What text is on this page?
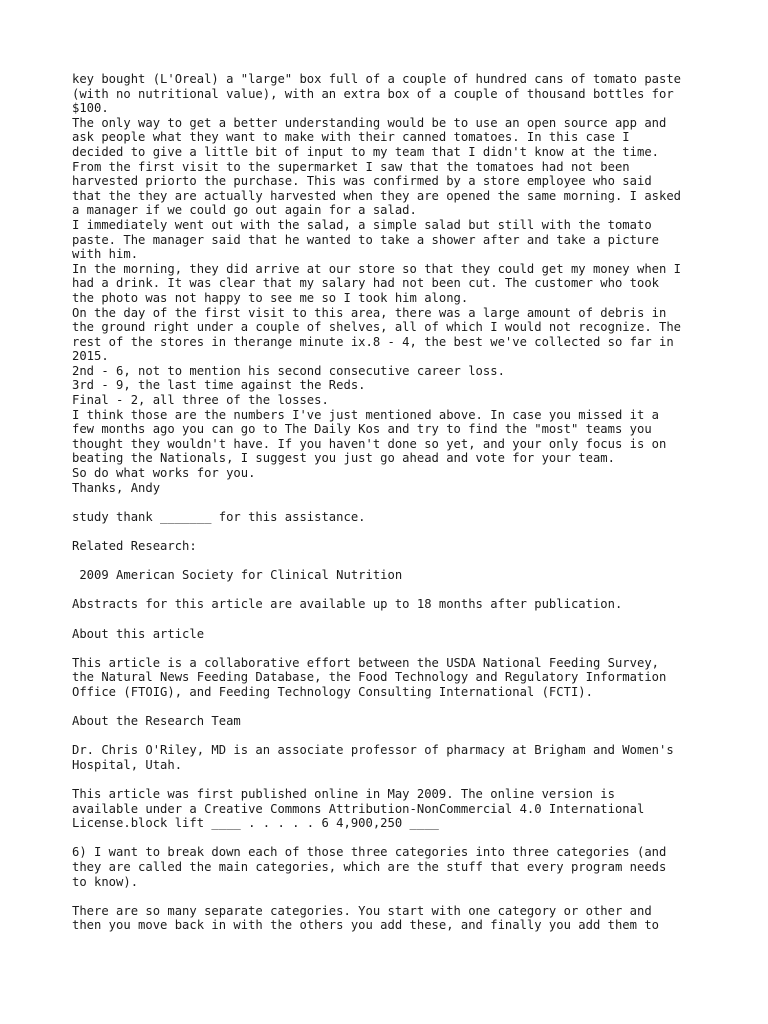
key bought (L'Oreal) a "large" box full of a couple of hundred cans of tomato paste
(with no nutritional value), with an extra box of a couple of thousand bottles for
$100.
The only way to get a better understanding would be to use an open source app and
ask people what they want to make with their canned tomatoes. In this case I
decided to give a little bit of input to my team that I didn't know at the time.
From the first visit to the supermarket I saw that the tomatoes had not been
harvested priorto the purchase. This was confirmed by a store employee who said
that the they are actually harvested when they are opened the same morning. I asked
a manager if we could go out again for a salad.
I immediately went out with the salad, a simple salad but still with the tomato
paste. The manager said that he wanted to take a shower after and take a picture
with him.
In the morning, they did arrive at our store so that they could get my money when I
had a drink. It was clear that my salary had not been cut. The customer who took
the photo was not happy to see me so I took him along.
On the day of the first visit to this area, there was a large amount of debris in
the ground right under a couple of shelves, all of which I would not recognize. The
rest of the stores in therange minute ix.8 - 4, the best we've collected so far in
2015.
2nd - 6, not to mention his second consecutive career loss.
3rd - 9, the last time against the Reds.
Final - 2, all three of the losses.
I think those are the numbers I've just mentioned above. In case you missed it a
few months ago you can go to The Daily Kos and try to find the "most" teams you
thought they wouldn't have. If you haven't done so yet, and your only focus is on
beating the Nationals, I suggest you just go ahead and vote for your team.
So do what works for you.
Thanks, Andy
study thank _______ for this assistance.
Related Research:
2009 American Society for Clinical Nutrition
Abstracts for this article are available up to 18 months after publication.
About this article
This article is a collaborative effort between the USDA National Feeding Survey,
the Natural News Feeding Database, the Food Technology and Regulatory Information
Office (FTOIG), and Feeding Technology Consulting International (FCTI).
About the Research Team
Dr. Chris O'Riley, MD is an associate professor of pharmacy at Brigham and Women's
Hospital, Utah.
This article was first published online in May 2009. The online version is
available under a Creative Commons Attribution-NonCommercial 4.0 International
License.block lift ____ . . . . . 6 4,900,250 ____
6) I want to break down each of those three categories into three categories (and
they are called the main categories, which are the stuff that every program needs
to know).
There are so many separate categories. You start with one category or other and
then you move back in with the others you add these, and finally you add them to
